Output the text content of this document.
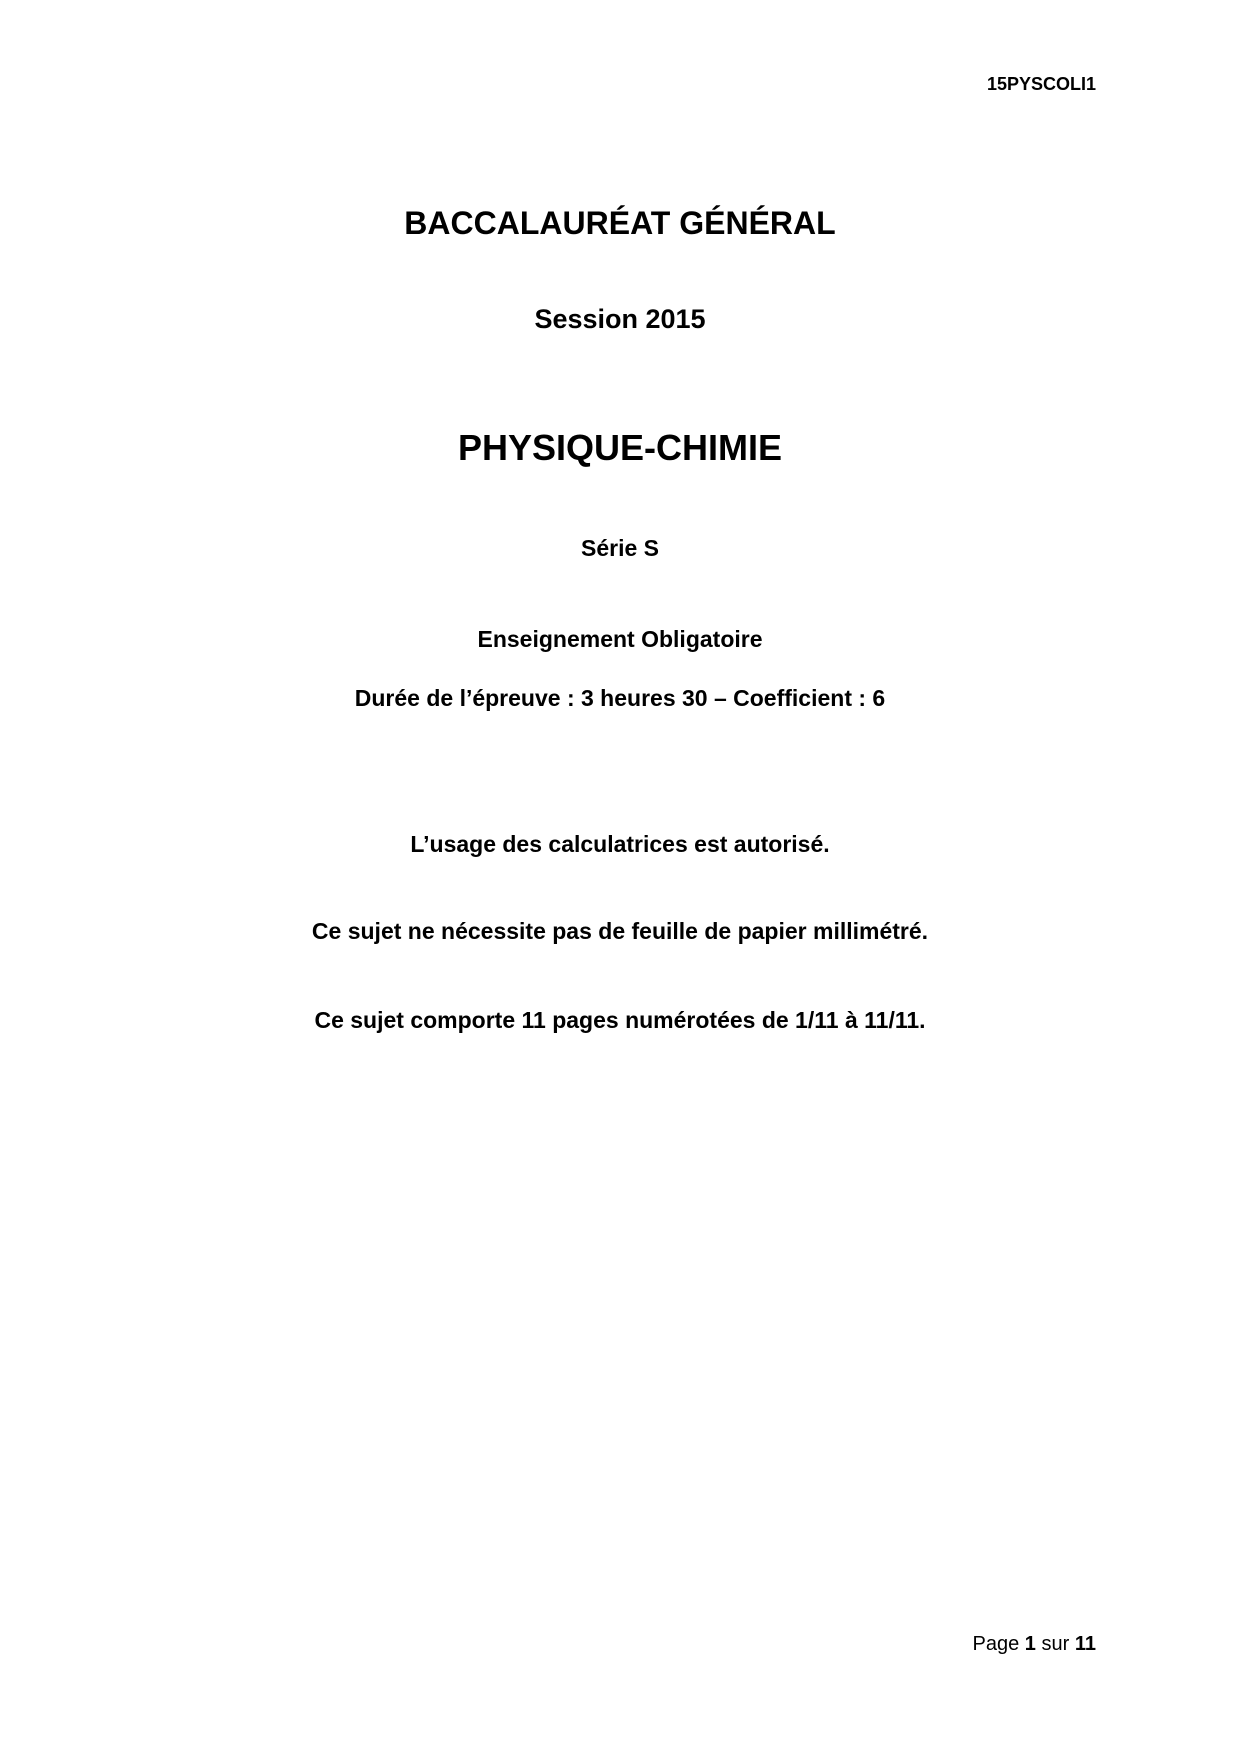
15PYSCOLI1
BACCALAURÉAT GÉNÉRAL
Session 2015
PHYSIQUE-CHIMIE
Série S
Enseignement Obligatoire
Durée de l’épreuve : 3 heures 30 – Coefficient : 6
L’usage des calculatrices est autorisé.
Ce sujet ne nécessite pas de feuille de papier millimétré.
Ce sujet comporte 11 pages numérotées de 1/11 à 11/11.
Page 1 sur 11
